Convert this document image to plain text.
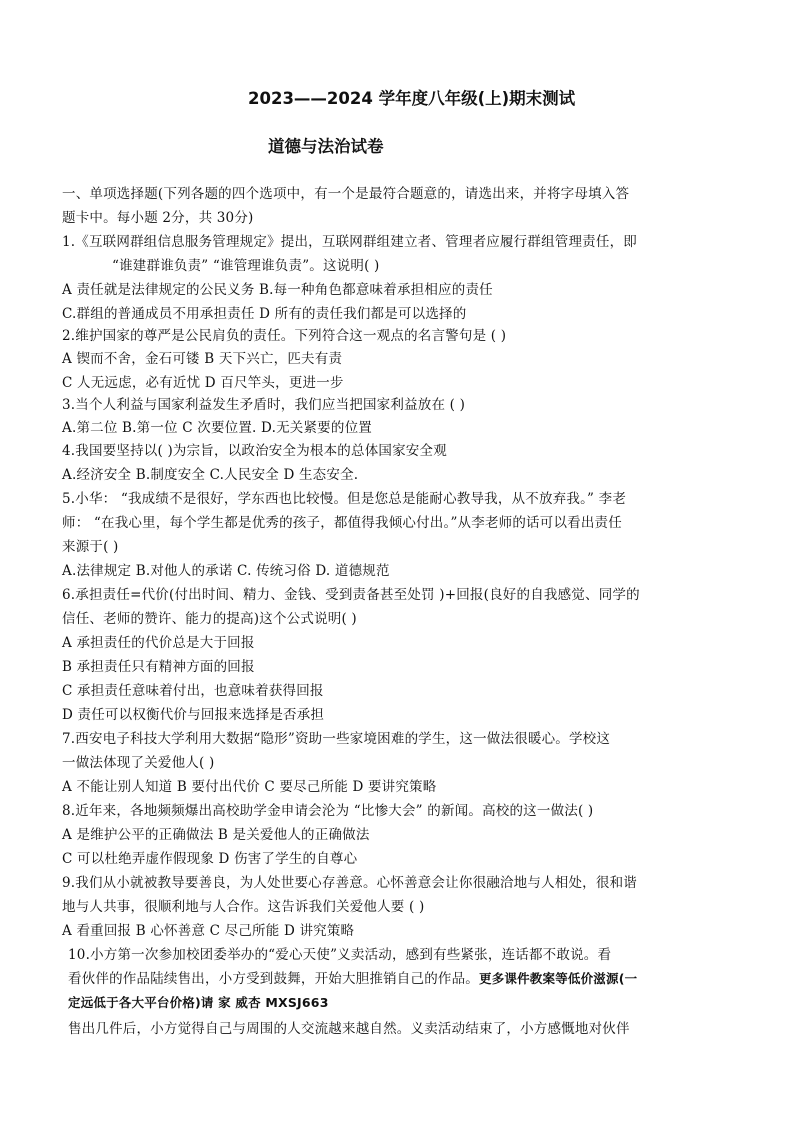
2023——2024 学年度八年级(上)期末测试
道德与法治试卷
一、单项选择题(下列各题的四个选项中，有一个是最符合题意的，请选出来，并将字母填入答
题卡中。每小题 2分，共 30分)
1.《互联网群组信息服务管理规定》提出，互联网群组建立者、管理者应履行群组管理责任，即
“谁建群谁负责” “谁管理谁负责”。这说明( )
A 责任就是法律规定的公民义务 B.每一种角色都意味着承担相应的责任
C.群组的普通成员不用承担责任 D 所有的责任我们都是可以选择的
2.维护国家的尊严是公民肩负的责任。下列符合这一观点的名言警句是 ( )
A 锲而不舍，金石可镂 B 天下兴亡，匹夫有责
C 人无远虑，必有近忧 D 百尺竿头，更进一步
3.当个人利益与国家利益发生矛盾时，我们应当把国家利益放在 ( )
A.第二位 B.第一位 C 次要位置. D.无关紧要的位置
4.我国要坚持以( )为宗旨，以政治安全为根本的总体国家安全观
A.经济安全 B.制度安全 C.人民安全 D 生态安全.
5.小华： “我成绩不是很好，学东西也比较慢。但是您总是能耐心教导我，从不放弃我。” 李老
师： “在我心里，每个学生都是优秀的孩子，都值得我倾心付出。”从李老师的话可以看出责任
来源于( )
A.法律规定 B.对他人的承诺 C. 传统习俗 D. 道德规范
6.承担责任=代价(付出时间、精力、金钱、受到责备甚至处罚 )+回报(良好的自我感觉、同学的
信任、老师的赞许、能力的提高)这个公式说明( )
A 承担责任的代价总是大于回报
B 承担责任只有精神方面的回报
C 承担责任意味着付出，也意味着获得回报
D 责任可以权衡代价与回报来选择是否承担
7.西安电子科技大学利用大数据“隐形”资助一些家境困难的学生，这一做法很暖心。学校这
一做法体现了关爱他人( )
A 不能让别人知道 B 要付出代价 C 要尽己所能 D 要讲究策略
8.近年来，各地频频爆出高校助学金申请会沦为 “比惨大会” 的新闻。高校的这一做法( )
A 是维护公平的正确做法 B 是关爱他人的正确做法
C 可以杜绝弄虚作假现象 D 伤害了学生的自尊心
9.我们从小就被教导要善良，为人处世要心存善意。心怀善意会让你很融洽地与人相处，很和谐
地与人共事，很顺利地与人合作。这告诉我们关爱他人要 ( )
A 看重回报 B 心怀善意 C 尽己所能 D 讲究策略
10.小方第一次参加校团委举办的“爱心天使”义卖活动，感到有些紧张，连话都不敢说。看
看伙伴的作品陆续售出，小方受到鼓舞，开始大胆推销自己的作品。更多课件教案等低价滋源(一
定远低于各大平台价格)请 家 威杏 MXSJ663
售出几件后，小方觉得自己与周围的人交流越来越自然。义卖活动结束了，小方感慨地对伙伴
